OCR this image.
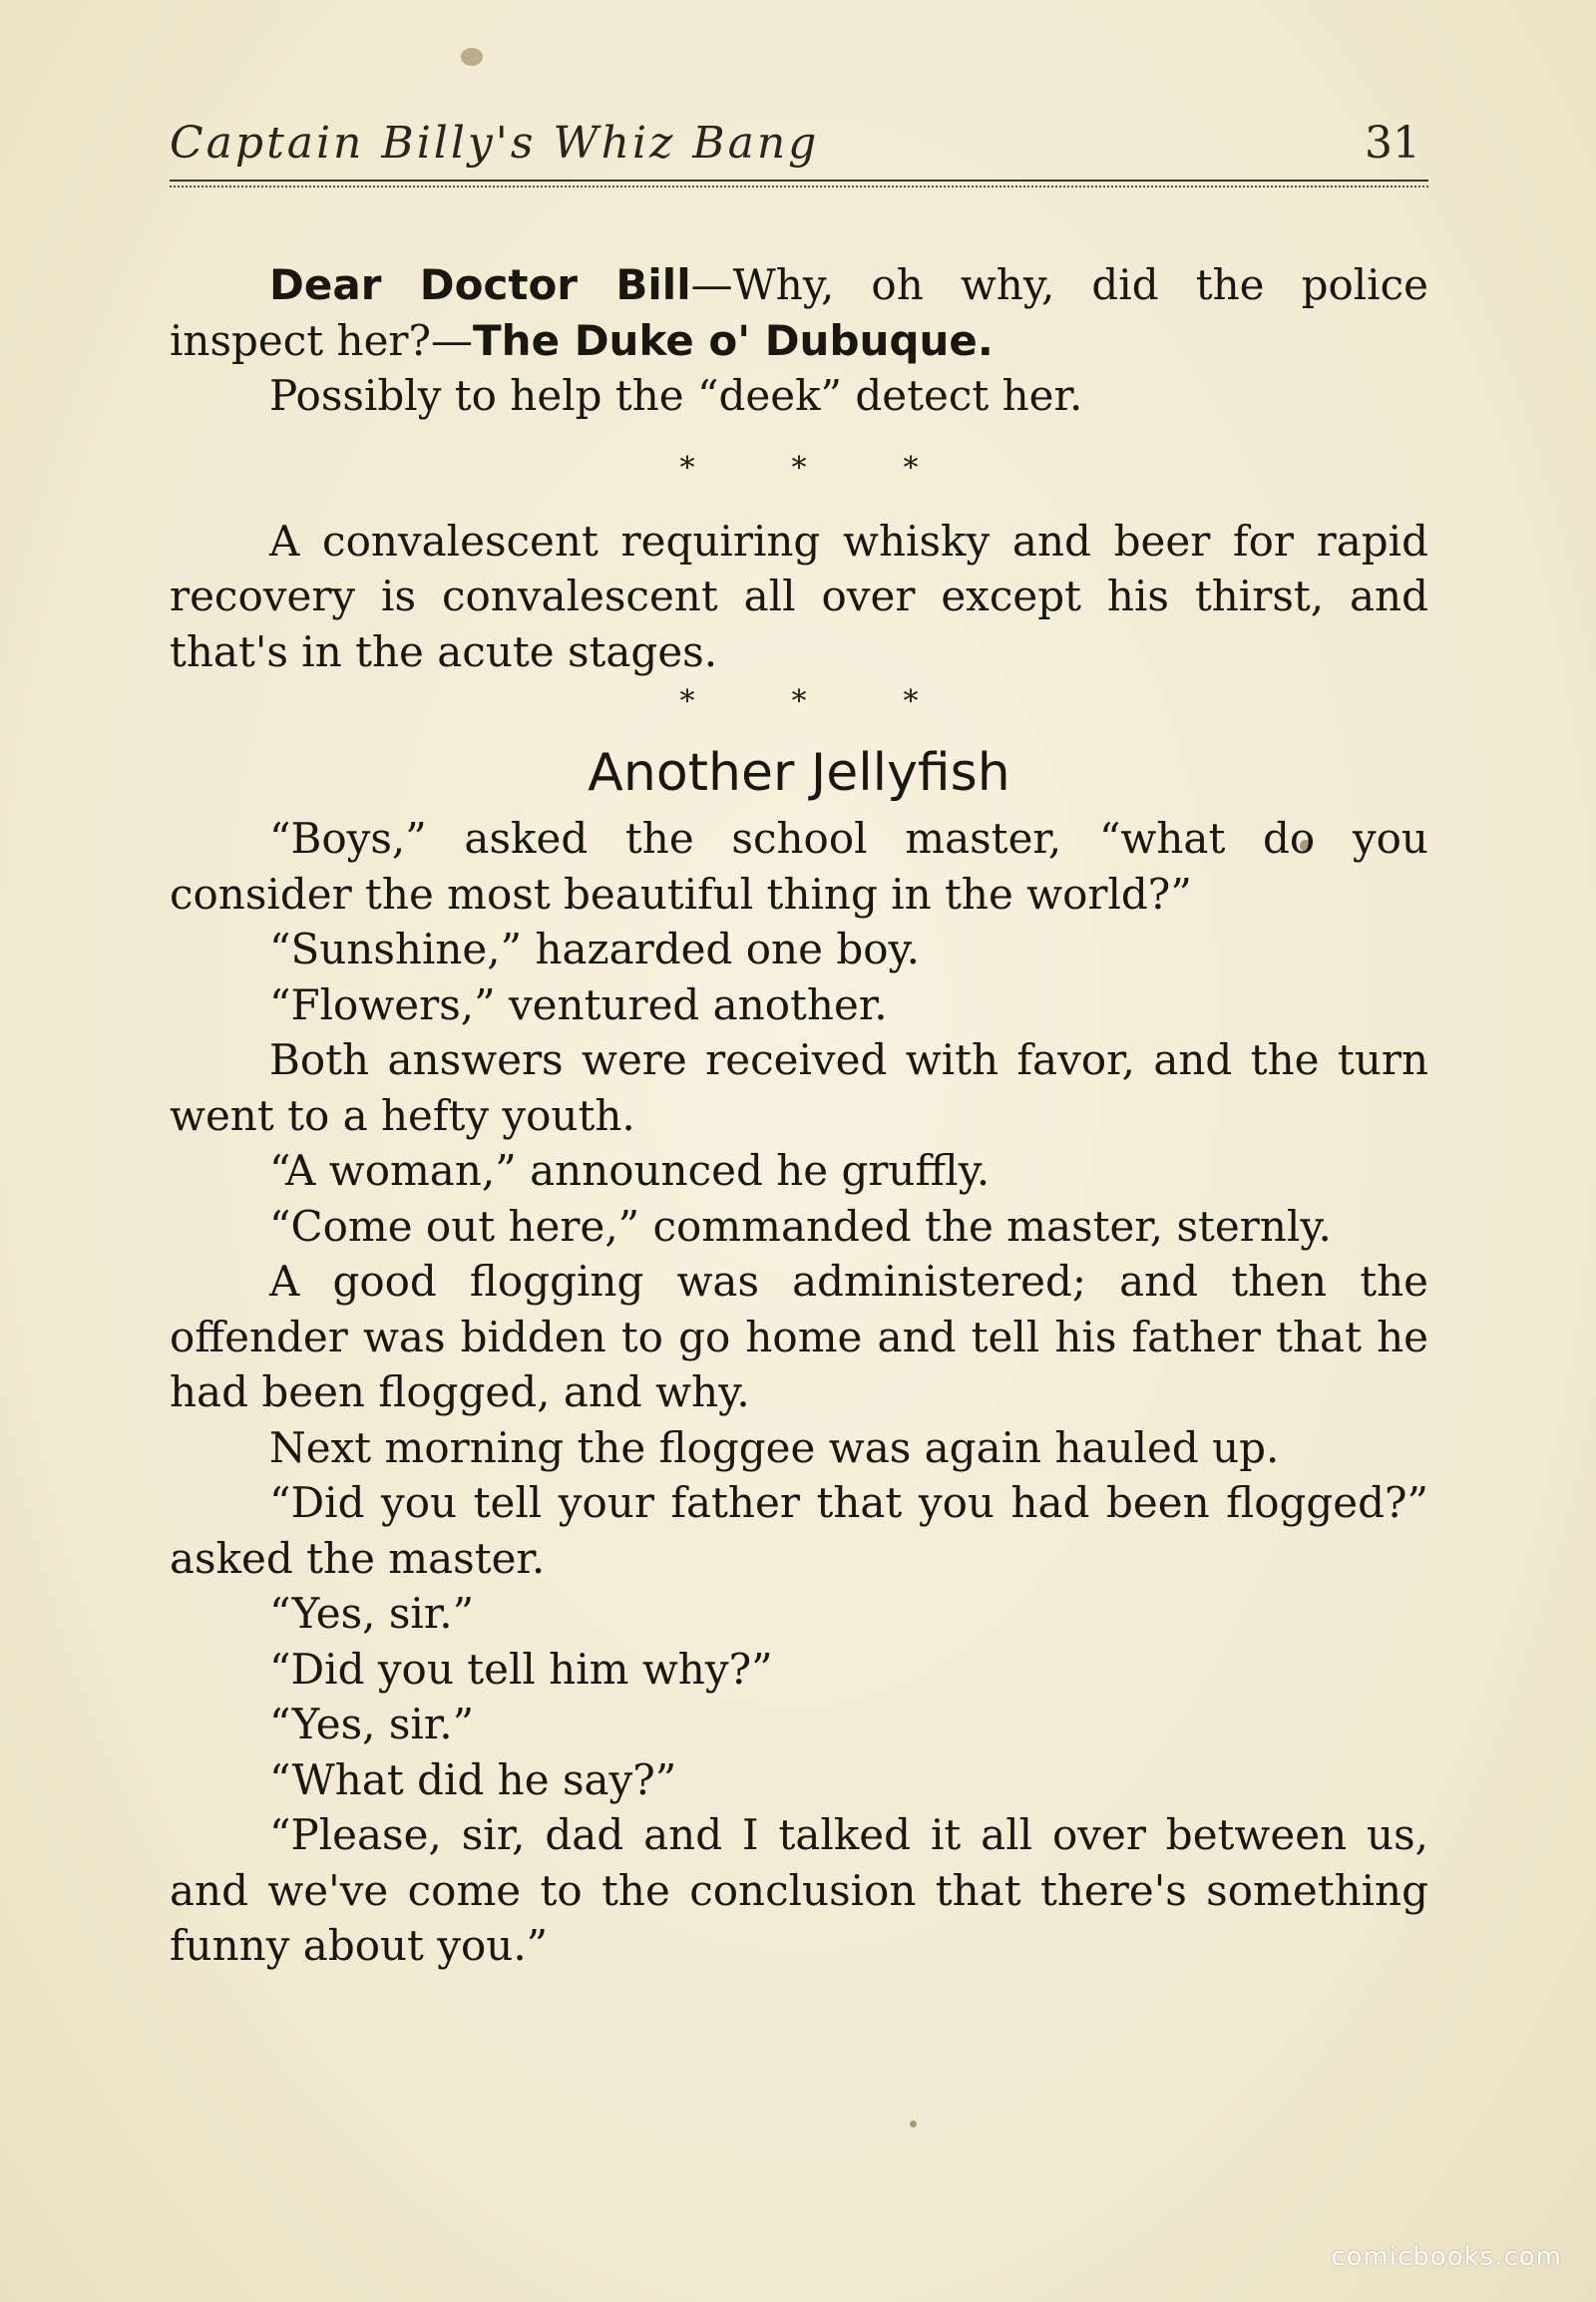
Captain Billy's Whiz Bang	31

Dear Doctor Bill—Why, oh why, did the police inspect her?—The Duke o' Dubuque.

Possibly to help the “deek” detect her.

*	*	*

A convalescent requiring whisky and beer for rapid recovery is convalescent all over except his thirst, and that's in the acute stages.

*	*	*
Another Jellyfish

“Boys,” asked the school master, “what do you consider the most beautiful thing in the world?”

“Sunshine,” hazarded one boy.

“Flowers,” ventured another.

Both answers were received with favor, and the turn went to a hefty youth.

“A woman,” announced he gruffly.

“Come out here,” commanded the master, sternly.

A good flogging was administered; and then the offender was bidden to go home and tell his father that he had been flogged, and why.

Next morning the floggee was again hauled up.

“Did you tell your father that you had been flogged?” asked the master.

“Yes, sir.”

“Did you tell him why?”

“Yes, sir.”

“What did he say?”

“Please, sir, dad and I talked it all over between us, and we've come to the conclusion that there's something funny about you.”

comicbooks.com
